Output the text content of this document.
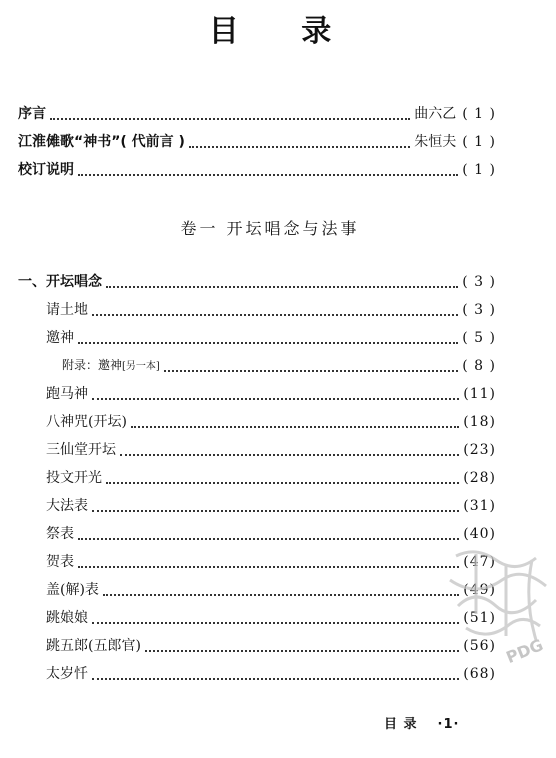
目 录
序言	曲六乙 ( 1 )
江淮傩歌“神书”( 代前言 )	朱恒夫 ( 1 )
校订说明	( 1 )
卷一 开坛唱念与法事
一、开坛唱念	( 3 )
请土地	( 3 )
邀神	( 5 )
附录：邀神[另一本]	( 8 )
跑马神	(11)
八神咒(开坛)	(18)
三仙堂开坛	(23)
投文开光	(28)
大法表	(31)
祭表	(40)
贺表	(47)
盖(解)表	(49)
跳娘娘	(51)
跳五郎(五郎官)	(56)
太岁忏	(68)
目 录 ·1·
PDG
